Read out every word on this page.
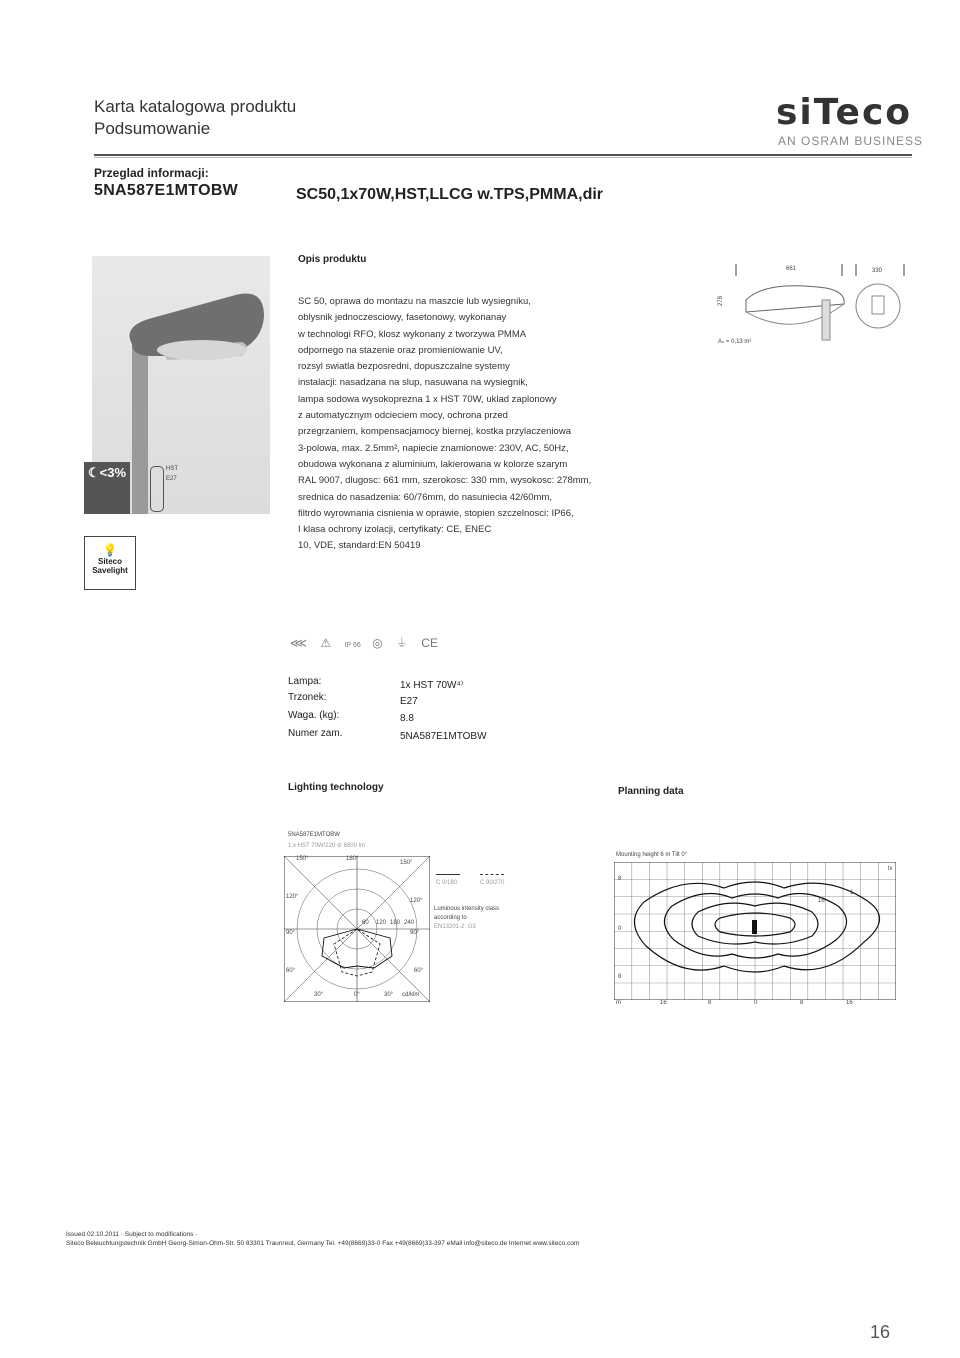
Karta katalogowa produktu
Podsumowanie	siTeco
AN OSRAM BUSINESS
Przeglad informacji:
5NA587E1MTOBW	SC50,1x70W,HST,LLCG w.TPS,PMMA,dir
☾<3%	HST
E27
💡
Siteco
Savelight
Opis produktu
SC 50, oprawa do montazu na maszcie lub wysiegniku,
oblysnik jednoczesciowy, fasetonowy, wykonanay
w technologi RFO, klosz wykonany z tworzywa PMMA
odpornego na stazenie oraz promieniowanie UV,
rozsyl swiatla bezposredni, dopuszczalne systemy
instalacji: nasadzana na slup, nasuwana na wysiegnik,
lampa sodowa wysokoprezna 1 x HST 70W, uklad zaplonowy
z automatycznym odcieciem mocy, ochrona przed
przegrzaniem, kompensacjamocy biernej, kostka przylaczeniowa
3-polowa, max. 2.5mm², napiecie znamionowe: 230V, AC, 50Hz,
obudowa wykonana z aluminium, lakierowana w kolorze szarym
RAL 9007, dlugosc: 661 mm, szerokosc: 330 mm, wysokosc: 278mm,
srednica do nasadzenia: 60/76mm, do nasuniecia 42/60mm,
filtrdo wyrownania cisnienia w oprawie, stopien szczelnosci: IP66,
I klasa ochrony izolacji, certyfikaty: CE, ENEC
10, VDE, standard:EN 50419
661	330
278
Aₛ = 0,13 m²
⋘ ⚠ IP 66 ◎ ⏚ CE
Lampa:	1x HST 70W⁴⁾
Trzonek:	E27
Waga. (kg):	8.8
Numer zam.	5NA587E1MTOBW
Lighting technology
5NA587E1MTOBW
1 x HST 70W/220 ⊘ 6800 lm
150°	180°
150°
120°
120°
90°	90°
60°	60°
30°	0°	30°
60 120 180 240
cd/klm
C 0/180	C 90/270
Luminous intensity class
according to
EN13201-2: G3
Planning data
Mounting height 6 m Tilt 0°
8
0
8
lx
16
1
m	16	8	0	8	16
Issued 02.10.2011 · Subject to modifications ·
Siteco Beleuchtungstechnik GmbH Georg-Simon-Ohm-Str. 50 83301 Traunreut, Germany Tel. +49(8669)33-0 Fax +49(8669)33-397 eMail info@siteco.de Internet www.siteco.com
16
